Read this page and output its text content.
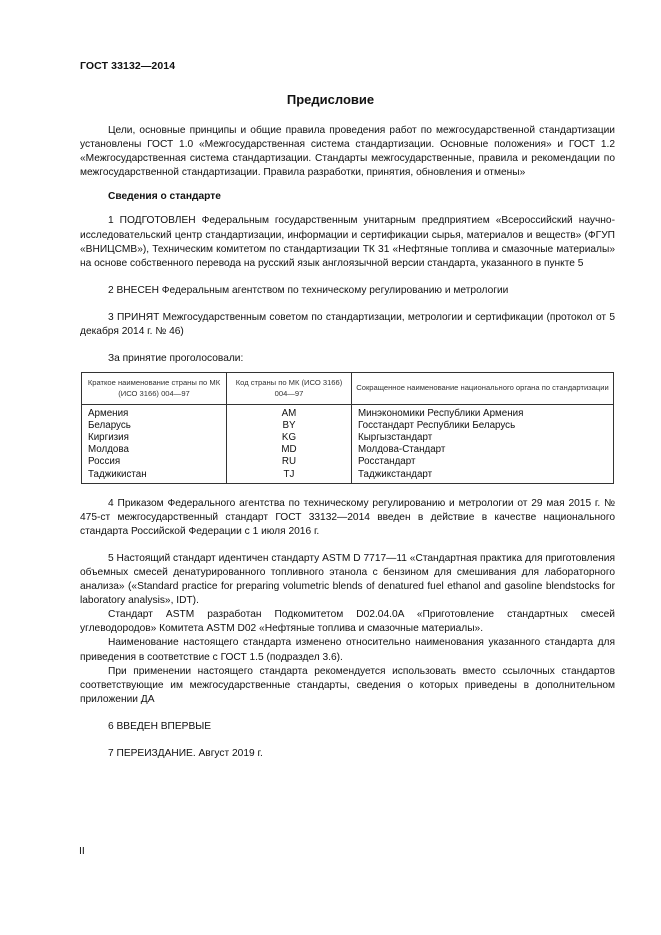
ГОСТ 33132—2014
Предисловие

Цели, основные принципы и общие правила проведения работ по межгосударственной стандартизации установлены ГОСТ 1.0 «Межгосударственная система стандартизации. Основные положения» и ГОСТ 1.2 «Межгосударственная система стандартизации. Стандарты межгосударственные, правила и рекомендации по межгосударственной стандартизации. Правила разработки, принятия, обновления и отмены»

Сведения о стандарте

1 ПОДГОТОВЛЕН Федеральным государственным унитарным предприятием «Всероссийский научно-исследовательский центр стандартизации, информации и сертификации сырья, материалов и веществ» (ФГУП «ВНИЦСМВ»), Техническим комитетом по стандартизации ТК 31 «Нефтяные топлива и смазочные материалы» на основе собственного перевода на русский язык англоязычной версии стандарта, указанного в пункте 5

2 ВНЕСЕН Федеральным агентством по техническому регулированию и метрологии

3 ПРИНЯТ Межгосударственным советом по стандартизации, метрологии и сертификации (протокол от 5 декабря 2014 г. № 46)

За принятие проголосовали:

Краткое наименование страны по МК (ИСО 3166) 004—97	Код страны по МК (ИСО 3166) 004—97	Сокращенное наименование национального органа по стандартизации
Армения	AM	Минэкономики Республики Армения
Беларусь	BY	Госстандарт Республики Беларусь
Киргизия	KG	Кыргызстандарт
Молдова	MD	Молдова-Стандарт
Россия	RU	Росстандарт
Таджикистан	TJ	Таджикстандарт

4 Приказом Федерального агентства по техническому регулированию и метрологии от 29 мая 2015 г. № 475-ст межгосударственный стандарт ГОСТ 33132—2014 введен в действие в качестве национального стандарта Российской Федерации с 1 июля 2016 г.

5 Настоящий стандарт идентичен стандарту ASTM D 7717—11 «Стандартная практика для приготовления объемных смесей денатурированного топливного этанола с бензином для смешивания для лабораторного анализа» («Standard practice for preparing volumetric blends of denatured fuel ethanol and gasoline blendstocks for laboratory analysis», IDT).

Стандарт ASTM разработан Подкомитетом D02.04.0A «Приготовление стандартных смесей углеводородов» Комитета ASTM D02 «Нефтяные топлива и смазочные материалы».

Наименование настоящего стандарта изменено относительно наименования указанного стандарта для приведения в соответствие с ГОСТ 1.5 (подраздел 3.6).

При применении настоящего стандарта рекомендуется использовать вместо ссылочных стандартов соответствующие им межгосударственные стандарты, сведения о которых приведены в дополнительном приложении ДА

6 ВВЕДЕН ВПЕРВЫЕ

7 ПЕРЕИЗДАНИЕ. Август 2019 г.

II
